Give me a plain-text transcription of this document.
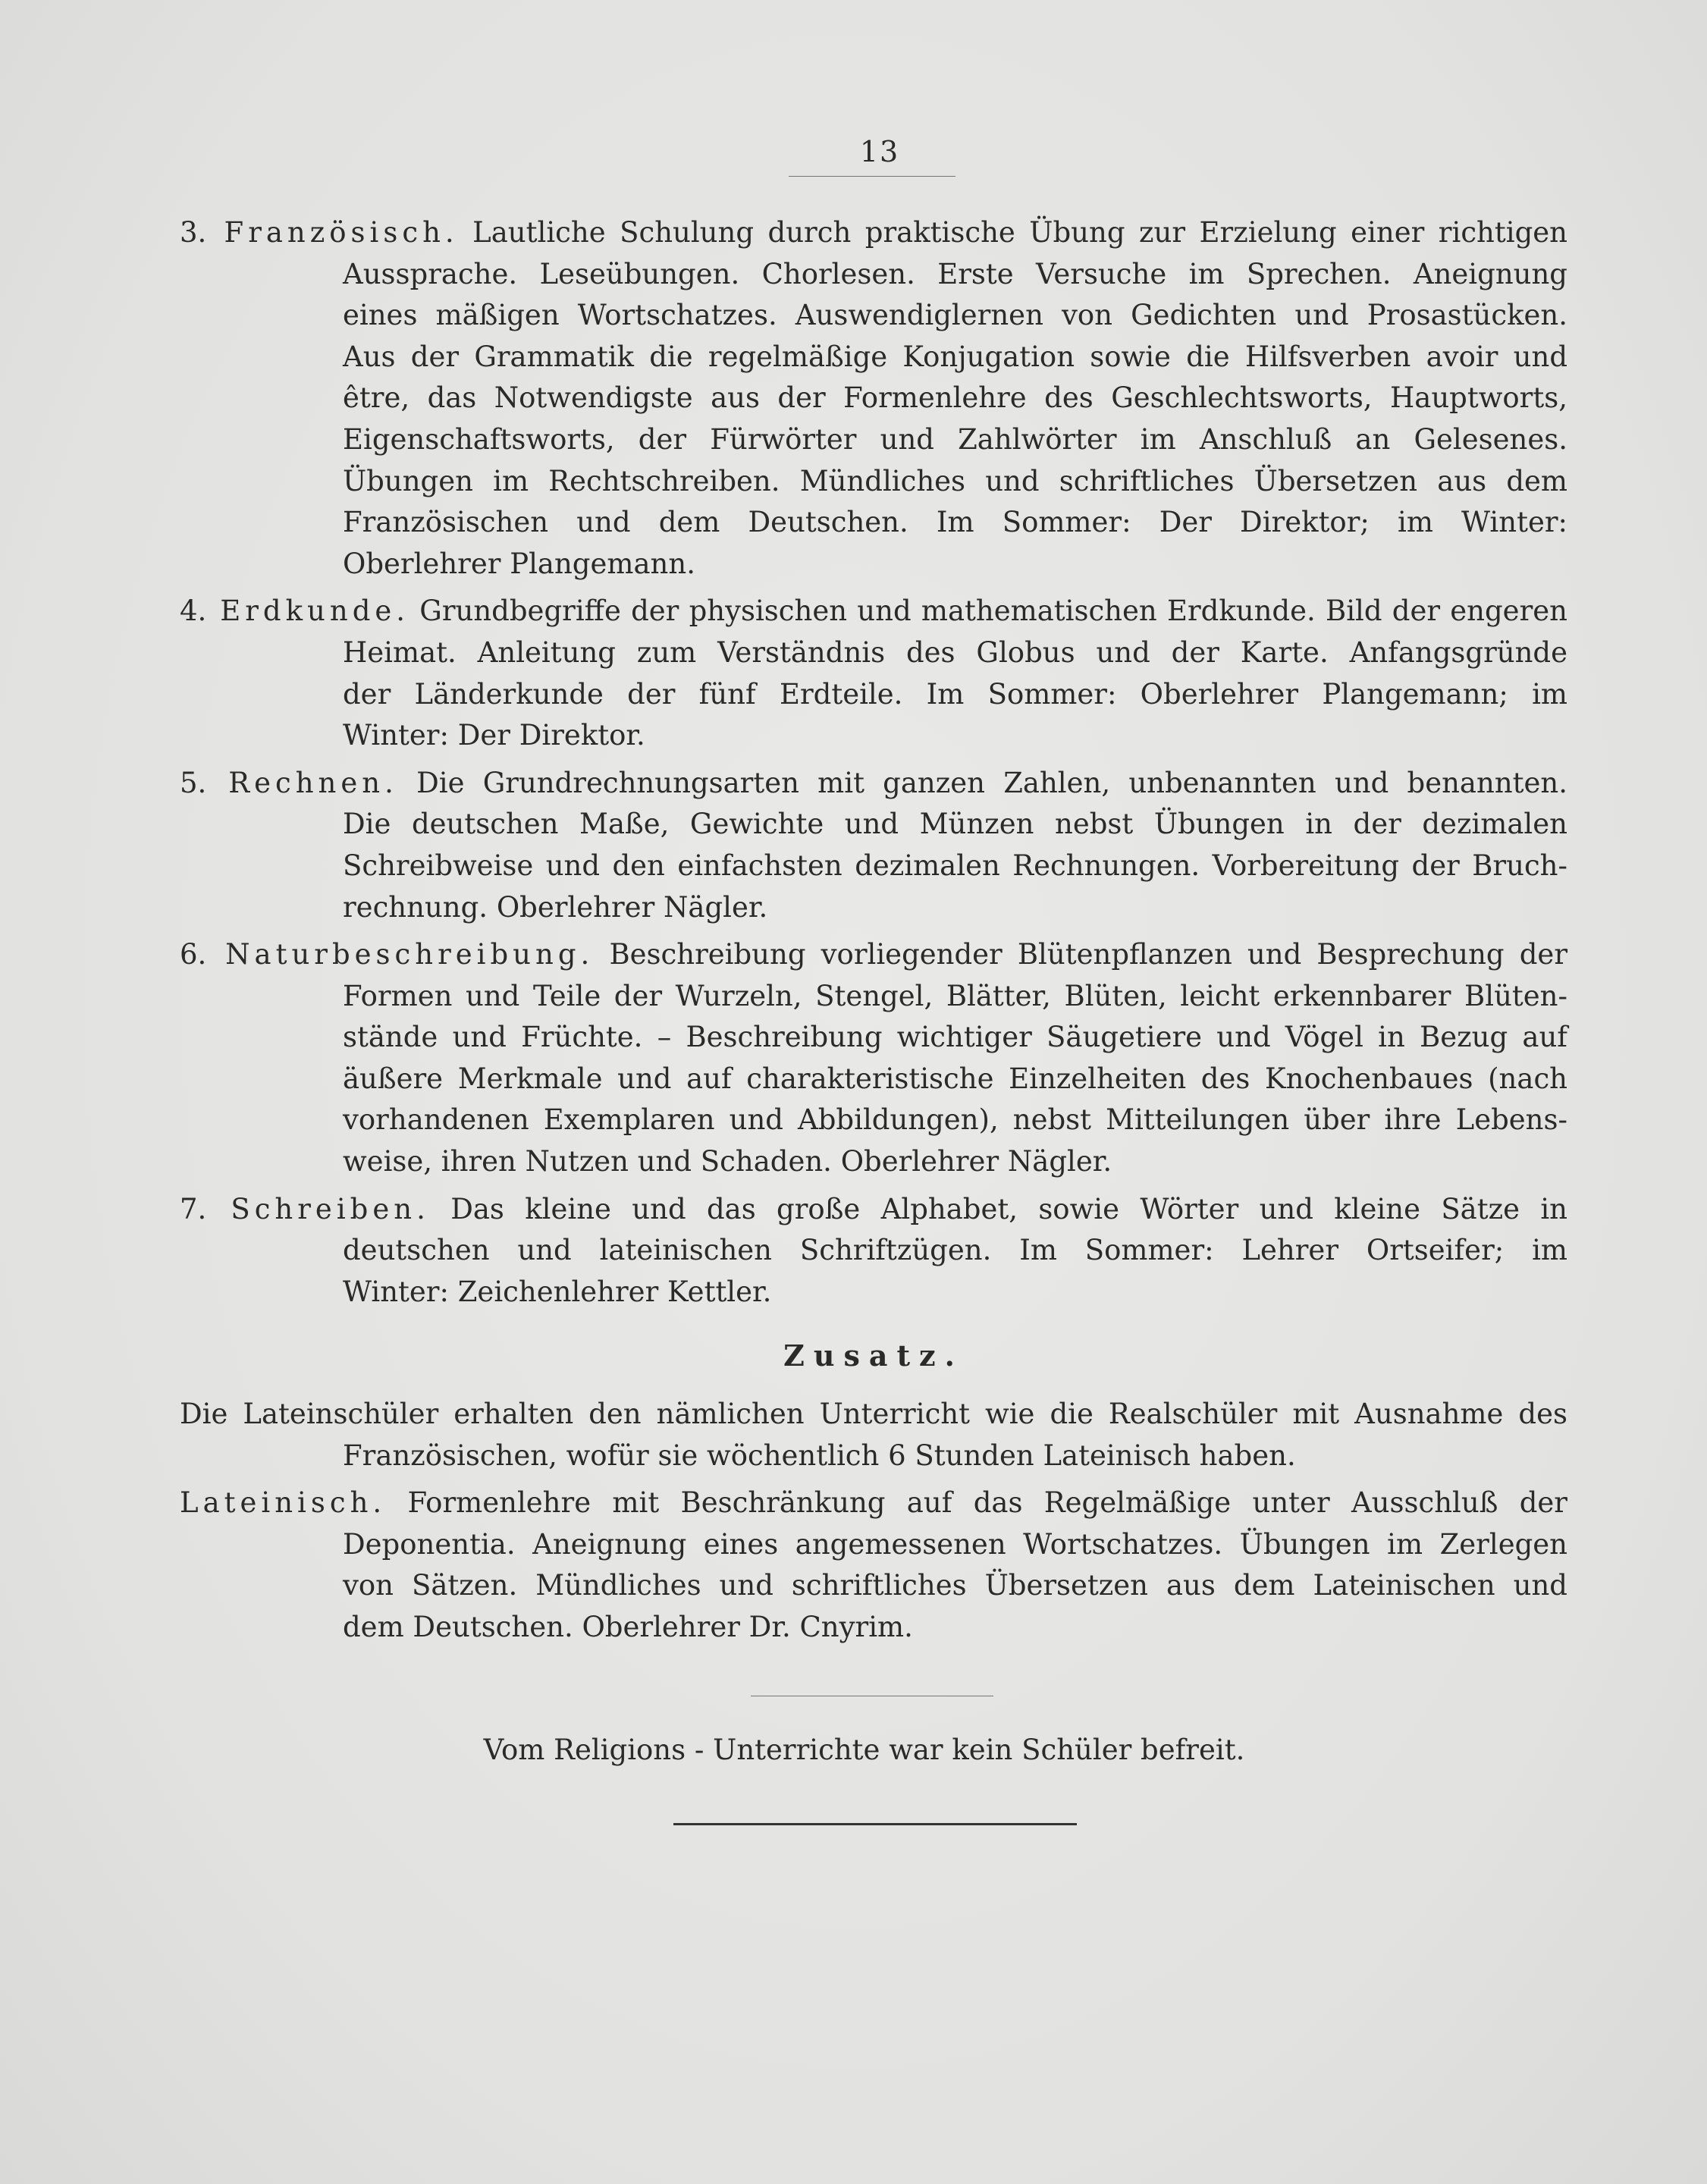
13
3. Französisch. Lautliche Schulung durch praktische Übung zur Erzielung einer richtigen
Aussprache. Leseübungen. Chorlesen. Erste Versuche im Sprechen. Aneignung
eines mäßigen Wortschatzes. Auswendiglernen von Gedichten und Prosastücken.
Aus der Grammatik die regelmäßige Konjugation sowie die Hilfsverben avoir und
être, das Notwendigste aus der Formenlehre des Geschlechtsworts, Hauptworts,
Eigenschaftsworts, der Fürwörter und Zahlwörter im Anschluß an Gelesenes.
Übungen im Rechtschreiben. Mündliches und schriftliches Übersetzen aus dem
Französischen und dem Deutschen. Im Sommer: Der Direktor; im Winter:
Oberlehrer Plangemann.
4. Erdkunde. Grundbegriffe der physischen und mathematischen Erdkunde. Bild der engeren
Heimat. Anleitung zum Verständnis des Globus und der Karte. Anfangsgründe
der Länderkunde der fünf Erdteile. Im Sommer: Oberlehrer Plangemann; im
Winter: Der Direktor.
5. Rechnen. Die Grundrechnungsarten mit ganzen Zahlen, unbenannten und benannten.
Die deutschen Maße, Gewichte und Münzen nebst Übungen in der dezimalen
Schreibweise und den einfachsten dezimalen Rechnungen. Vorbereitung der Bruch-
rechnung. Oberlehrer Nägler.
6. Naturbeschreibung. Beschreibung vorliegender Blütenpflanzen und Besprechung der
Formen und Teile der Wurzeln, Stengel, Blätter, Blüten, leicht erkennbarer Blüten-
stände und Früchte. – Beschreibung wichtiger Säugetiere und Vögel in Bezug auf
äußere Merkmale und auf charakteristische Einzelheiten des Knochenbaues (nach
vorhandenen Exemplaren und Abbildungen), nebst Mitteilungen über ihre Lebens-
weise, ihren Nutzen und Schaden. Oberlehrer Nägler.
7. Schreiben. Das kleine und das große Alphabet, sowie Wörter und kleine Sätze in
deutschen und lateinischen Schriftzügen. Im Sommer: Lehrer Ortseifer; im
Winter: Zeichenlehrer Kettler.
Zusatz.
Die Lateinschüler erhalten den nämlichen Unterricht wie die Realschüler mit Ausnahme des
Französischen, wofür sie wöchentlich 6 Stunden Lateinisch haben.
Lateinisch. Formenlehre mit Beschränkung auf das Regelmäßige unter Ausschluß der
Deponentia. Aneignung eines angemessenen Wortschatzes. Übungen im Zerlegen
von Sätzen. Mündliches und schriftliches Übersetzen aus dem Lateinischen und
dem Deutschen. Oberlehrer Dr. Cnyrim.
Vom Religions - Unterrichte war kein Schüler befreit.
